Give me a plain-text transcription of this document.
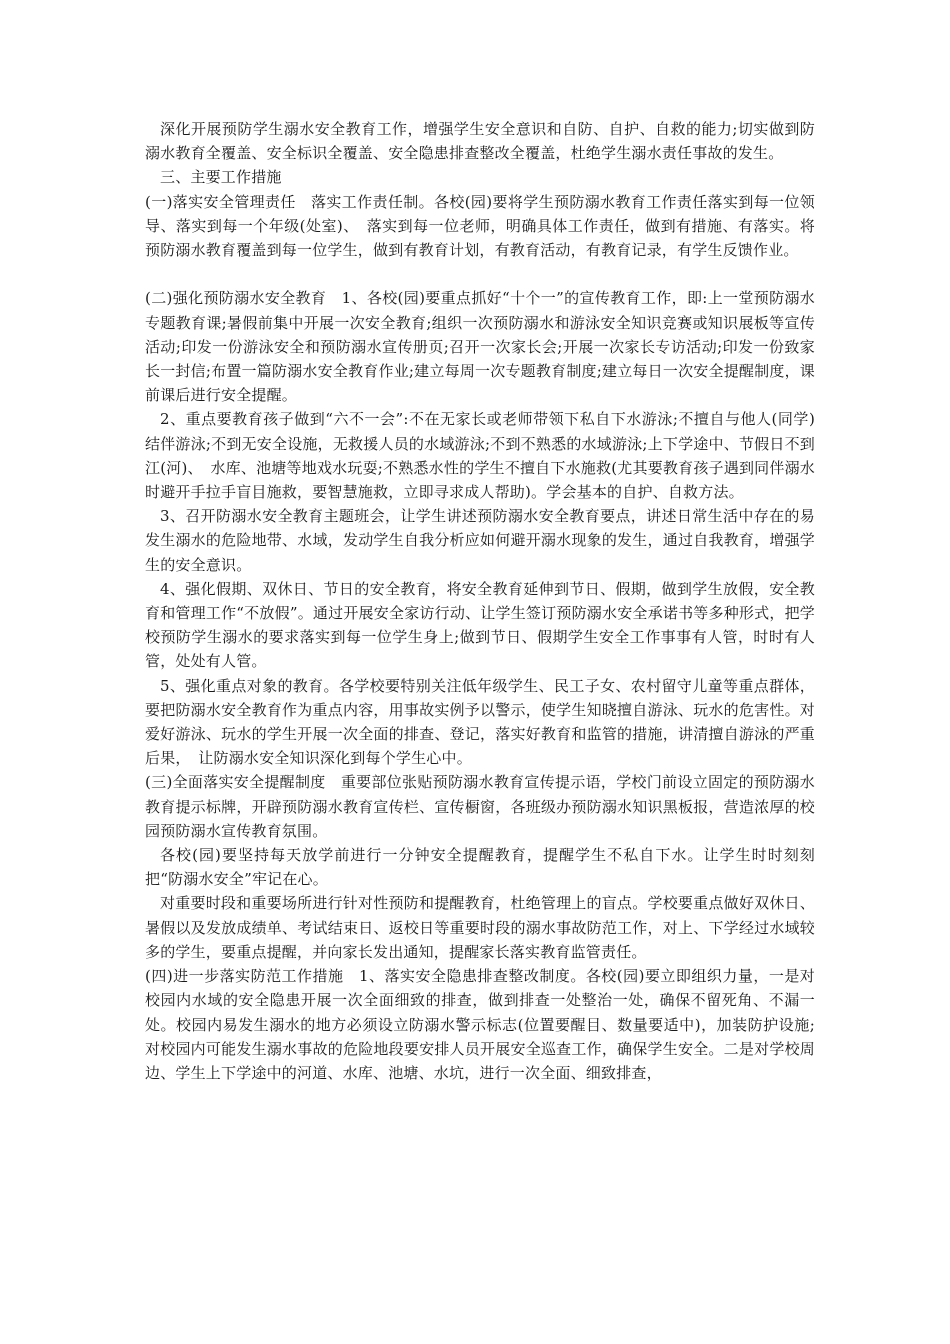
深化开展预防学生溺水安全教育工作，增强学生安全意识和自防、自护、自救的能力;切实做到防溺水教育全覆盖、安全标识全覆盖、安全隐患排查整改全覆盖，杜绝学生溺水责任事故的发生。

三、主要工作措施

(一)落实安全管理责任　落实工作责任制。各校(园)要将学生预防溺水教育工作责任落实到每一位领导、落实到每一个年级(处室)、　落实到每一位老师，明确具体工作责任，做到有措施、有落实。将预防溺水教育覆盖到每一位学生，做到有教育计划，有教育活动，有教育记录，有学生反馈作业。

(二)强化预防溺水安全教育　1、各校(园)要重点抓好“十个一”的宣传教育工作，即:上一堂预防溺水专题教育课;暑假前集中开展一次安全教育;组织一次预防溺水和游泳安全知识竞赛或知识展板等宣传活动;印发一份游泳安全和预防溺水宣传册页;召开一次家长会;开展一次家长专访活动;印发一份致家长一封信;布置一篇防溺水安全教育作业;建立每周一次专题教育制度;建立每日一次安全提醒制度，课前课后进行安全提醒。

2、重点要教育孩子做到“六不一会”:不在无家长或老师带领下私自下水游泳;不擅自与他人(同学)结伴游泳;不到无安全设施，无救援人员的水域游泳;不到不熟悉的水域游泳;上下学途中、节假日不到江(河)、　水库、池塘等地戏水玩耍;不熟悉水性的学生不擅自下水施救(尤其要教育孩子遇到同伴溺水时避开手拉手盲目施救，要智慧施救，立即寻求成人帮助)。学会基本的自护、自救方法。

3、召开防溺水安全教育主题班会，让学生讲述预防溺水安全教育要点，讲述日常生活中存在的易发生溺水的危险地带、水域，发动学生自我分析应如何避开溺水现象的发生，通过自我教育，增强学生的安全意识。

4、强化假期、双休日、节日的安全教育，将安全教育延伸到节日、假期，做到学生放假，安全教育和管理工作“不放假”。通过开展安全家访行动、让学生签订预防溺水安全承诺书等多种形式，把学校预防学生溺水的要求落实到每一位学生身上;做到节日、假期学生安全工作事事有人管，时时有人管，处处有人管。

5、强化重点对象的教育。各学校要特别关注低年级学生、民工子女、农村留守儿童等重点群体，要把防溺水安全教育作为重点内容，用事故实例予以警示，使学生知晓擅自游泳、玩水的危害性。对爱好游泳、玩水的学生开展一次全面的排查、登记，落实好教育和监管的措施，讲清擅自游泳的严重后果，　让防溺水安全知识深化到每个学生心中。

(三)全面落实安全提醒制度　重要部位张贴预防溺水教育宣传提示语，学校门前设立固定的预防溺水教育提示标牌，开辟预防溺水教育宣传栏、宣传橱窗，各班级办预防溺水知识黑板报，营造浓厚的校园预防溺水宣传教育氛围。

各校(园)要坚持每天放学前进行一分钟安全提醒教育，提醒学生不私自下水。让学生时时刻刻把“防溺水安全”牢记在心。

对重要时段和重要场所进行针对性预防和提醒教育，杜绝管理上的盲点。学校要重点做好双休日、暑假以及发放成绩单、考试结束日、返校日等重要时段的溺水事故防范工作，对上、下学经过水域较多的学生，要重点提醒，并向家长发出通知，提醒家长落实教育监管责任。

(四)进一步落实防范工作措施　1、落实安全隐患排查整改制度。各校(园)要立即组织力量，一是对校园内水域的安全隐患开展一次全面细致的排查，做到排查一处整治一处，确保不留死角、不漏一处。校园内易发生溺水的地方必须设立防溺水警示标志(位置要醒目、数量要适中)，加装防护设施;对校园内可能发生溺水事故的危险地段要安排人员开展安全巡查工作，确保学生安全。二是对学校周边、学生上下学途中的河道、水库、池塘、水坑，进行一次全面、细致排查，
